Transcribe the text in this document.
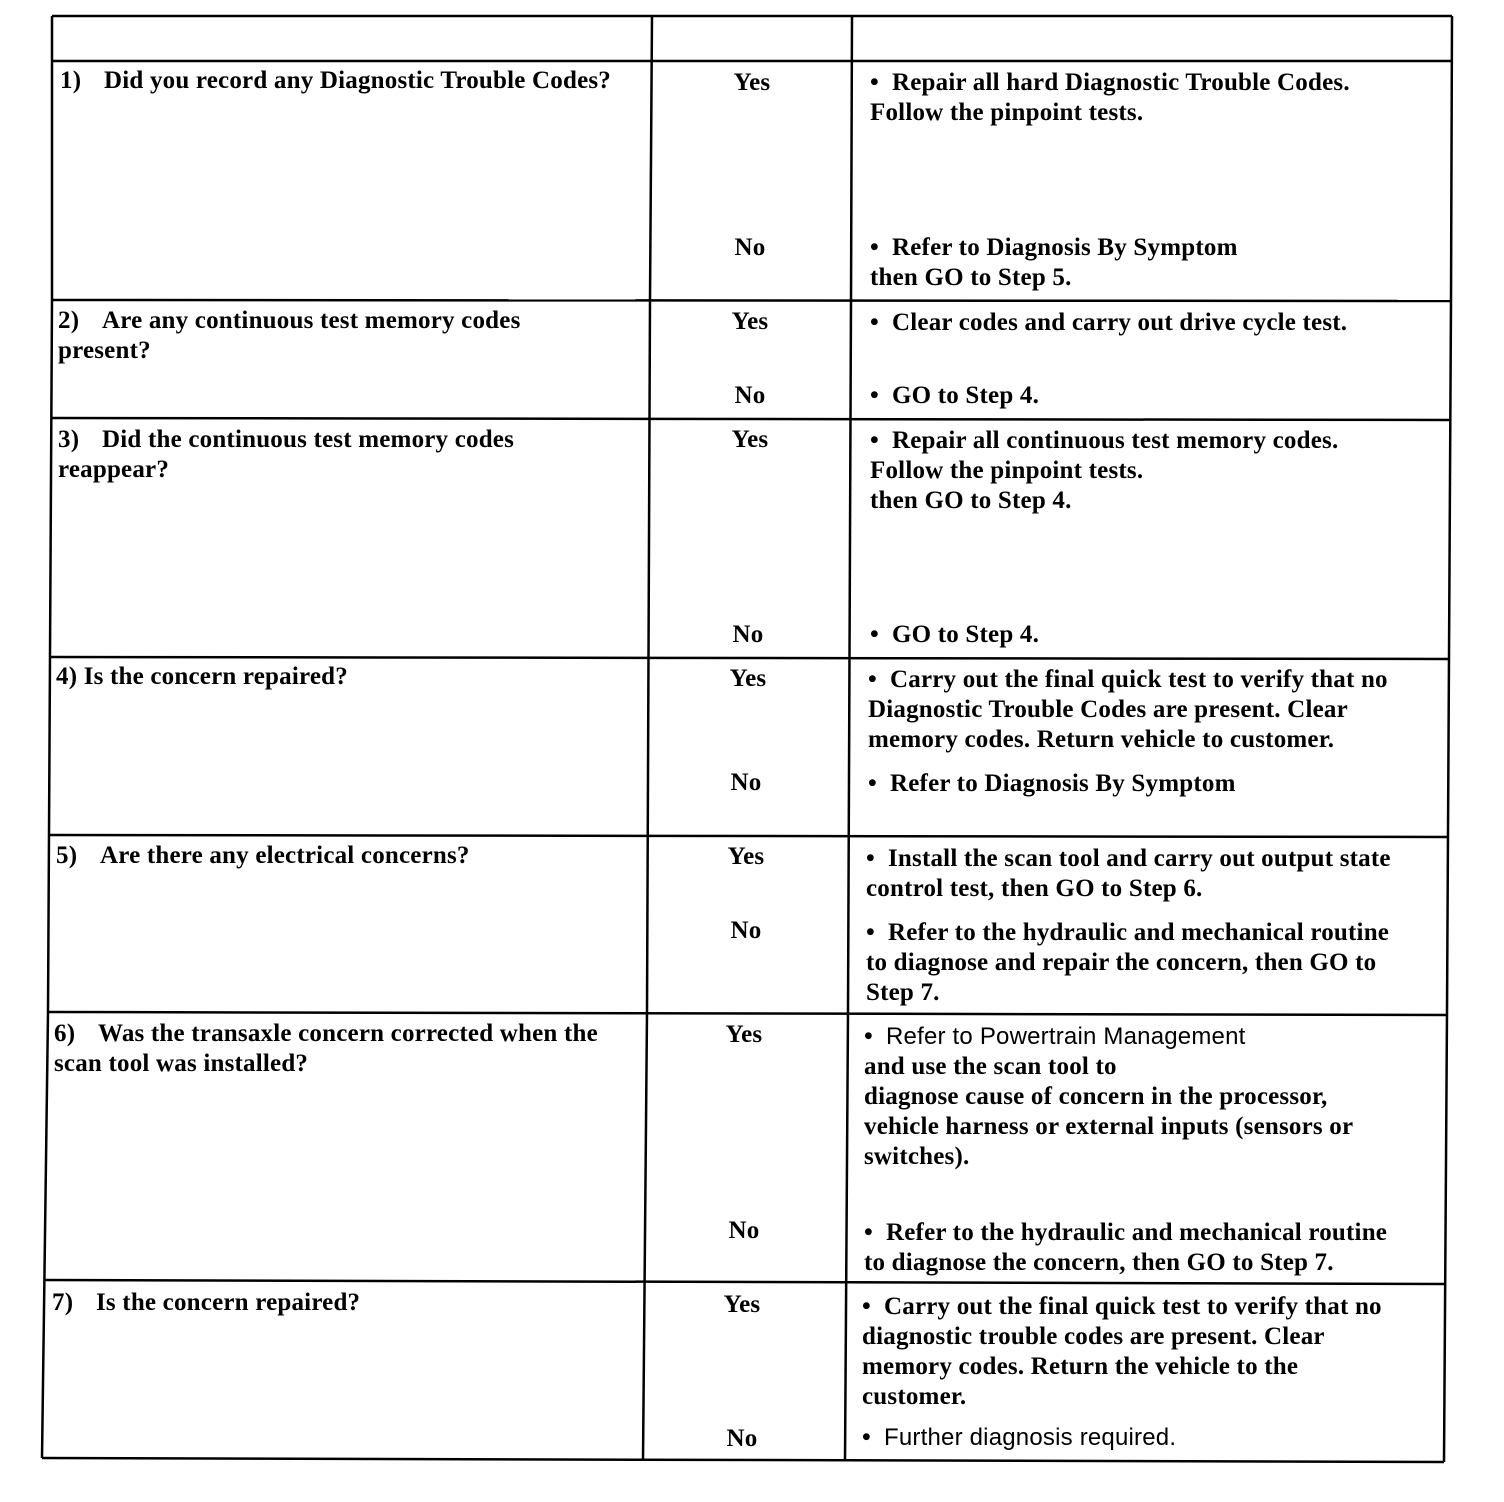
1) Did you record any Diagnostic Trouble Codes?	Yes	• Repair all hard Diagnostic Trouble Codes.
Follow the pinpoint tests.
No	• Refer to Diagnosis By Symptom
then GO to Step 5.
2) Are any continuous test memory codes present?
Yes	• Clear codes and carry out drive cycle test.
No	• GO to Step 4.
3) Did the continuous test memory codes reappear?
Yes	• Repair all continuous test memory codes.
Follow the pinpoint tests.
then GO to Step 4.
No	• GO to Step 4.
4) Is the concern repaired?	Yes	• Carry out the final quick test to verify that no
Diagnostic Trouble Codes are present. Clear
memory codes. Return vehicle to customer.
No	• Refer to Diagnosis By Symptom
5) Are there any electrical concerns?	Yes	• Install the scan tool and carry out output state
control test, then GO to Step 6.
No	• Refer to the hydraulic and mechanical routine
to diagnose and repair the concern, then GO to
Step 7.
6) Was the transaxle concern corrected when the scan tool was installed?
Yes	• Refer to Powertrain Management
and use the scan tool to
diagnose cause of concern in the processor,
vehicle harness or external inputs (sensors or
switches).
No	• Refer to the hydraulic and mechanical routine
to diagnose the concern, then GO to Step 7.
7) Is the concern repaired?	Yes	• Carry out the final quick test to verify that no
diagnostic trouble codes are present. Clear
memory codes. Return the vehicle to the
customer.
No	• Further diagnosis required.
